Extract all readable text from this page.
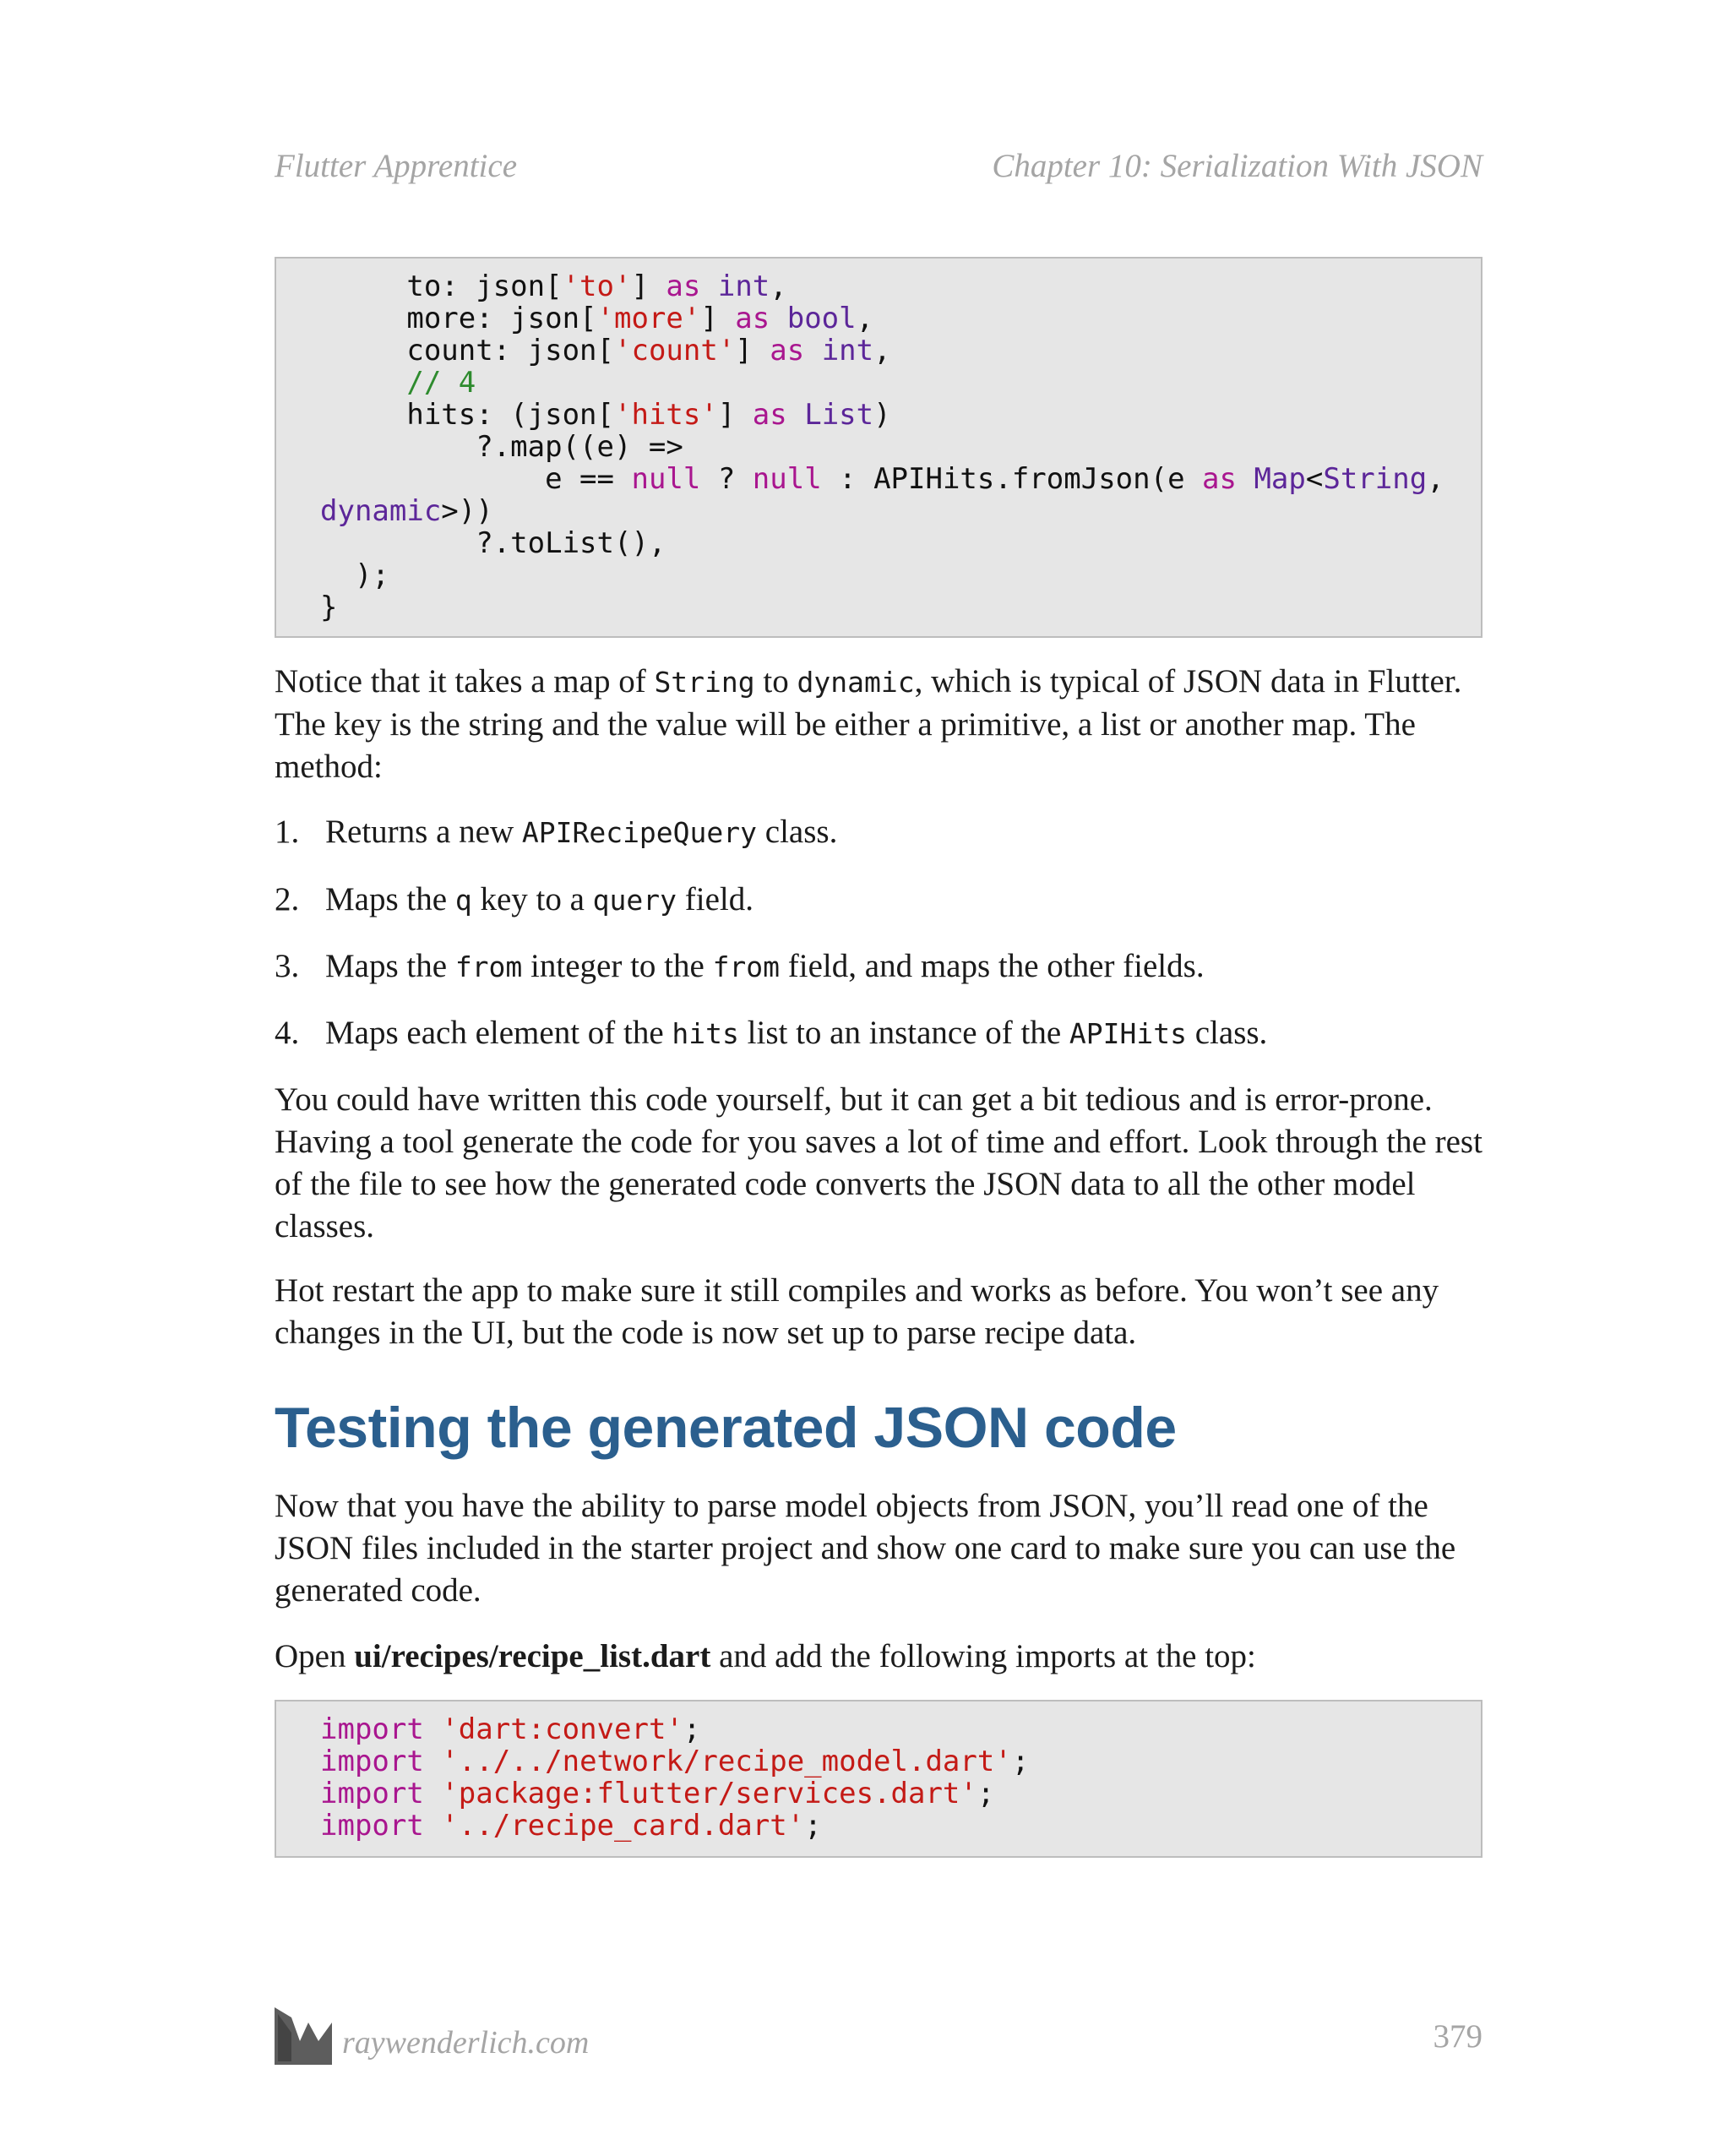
Flutter Apprentice	Chapter 10: Serialization With JSON
to: json['to'] as int,
more: json['more'] as bool,
count: json['count'] as int,
// 4
hits: (json['hits'] as List)
?.map((e) =>
e == null ? null : APIHits.fromJson(e as Map<String,
dynamic>))
?.toList(),
);
}

Notice that it takes a map of String to dynamic, which is typical of JSON data in Flutter. The key is the string and the value will be either a primitive, a list or another map. The method:

1. Returns a new APIRecipeQuery class.
2. Maps the q key to a query field.
3. Maps the from integer to the from field, and maps the other fields.
4. Maps each element of the hits list to an instance of the APIHits class.

You could have written this code yourself, but it can get a bit tedious and is error-prone. Having a tool generate the code for you saves a lot of time and effort. Look through the rest of the file to see how the generated code converts the JSON data to all the other model classes.

Hot restart the app to make sure it still compiles and works as before. You won’t see any changes in the UI, but the code is now set up to parse recipe data.

Testing the generated JSON code

Now that you have the ability to parse model objects from JSON, you’ll read one of the JSON files included in the starter project and show one card to make sure you can use the generated code.

Open ui/recipes/recipe_list.dart and add the following imports at the top:

import 'dart:convert';
import '../../network/recipe_model.dart';
import 'package:flutter/services.dart';
import '../recipe_card.dart';
raywenderlich.com	379
